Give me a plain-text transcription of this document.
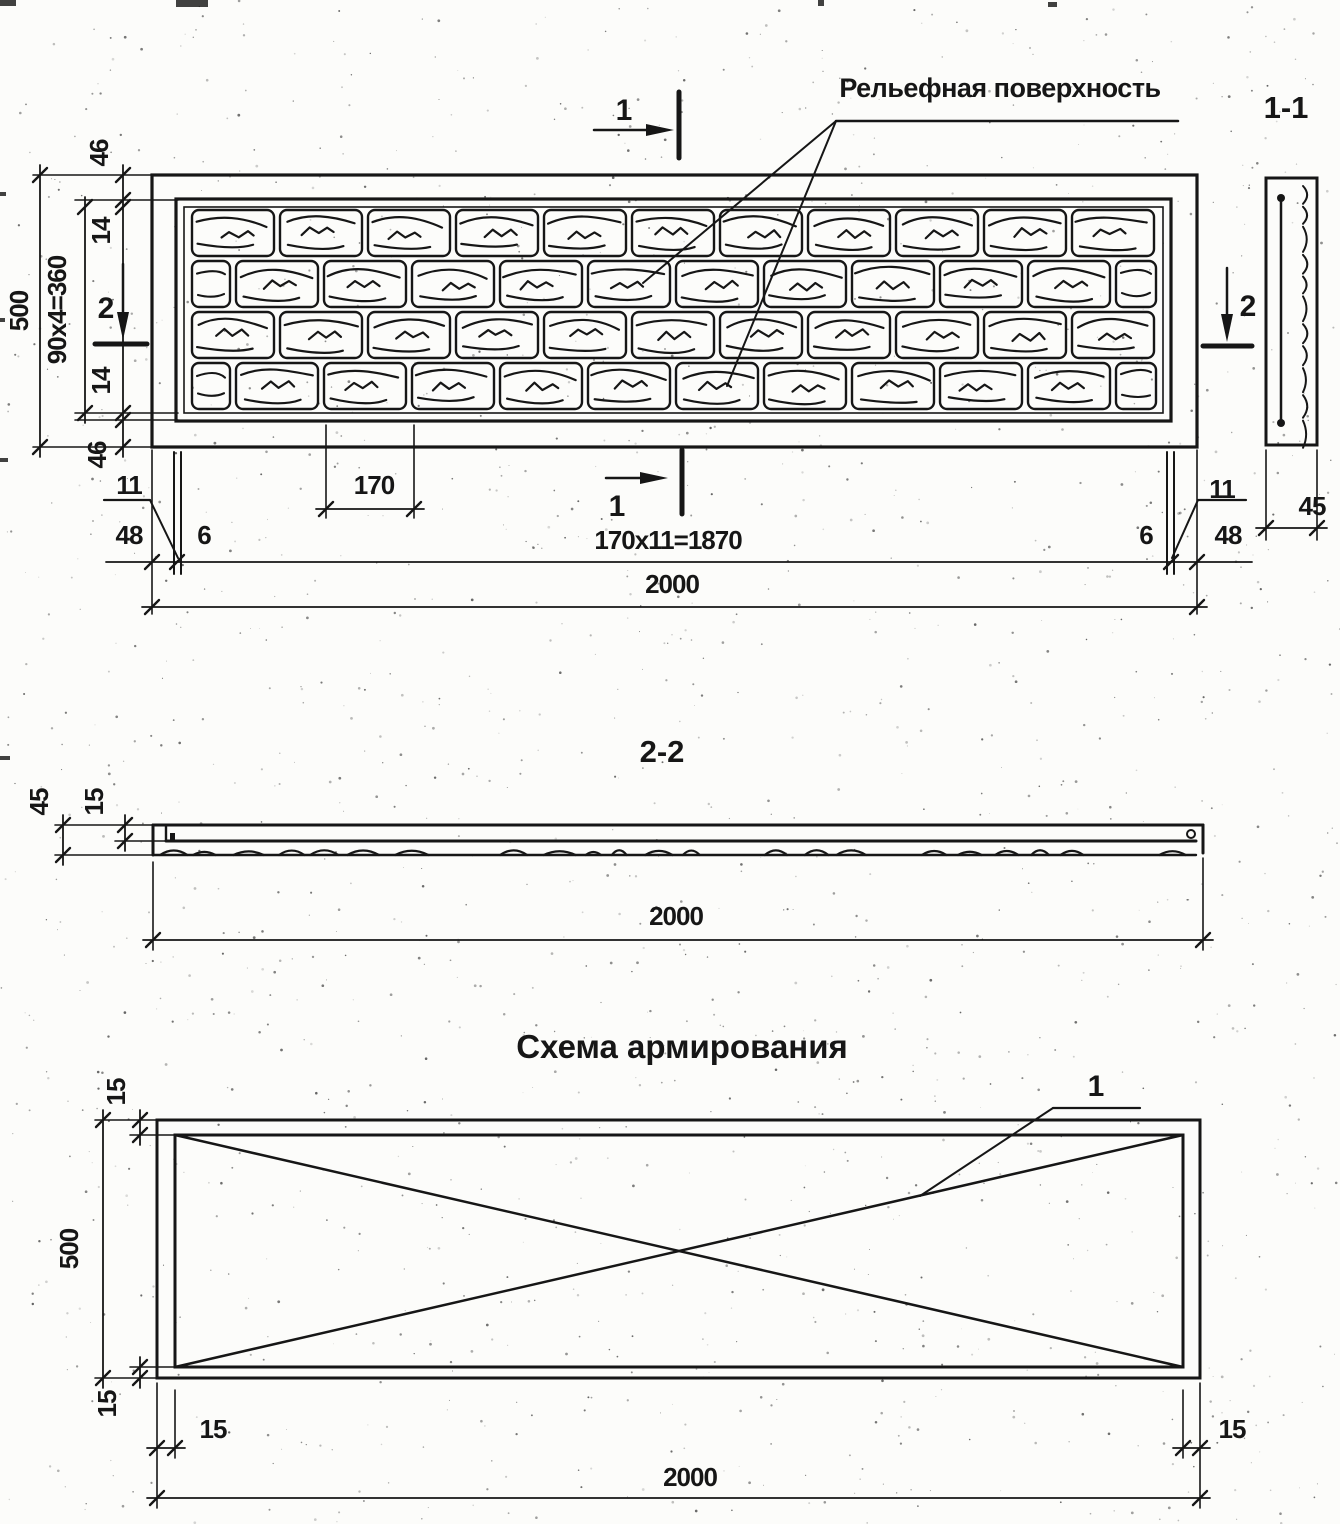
Рельефная поверхность
1-1
1
1
2	2
500 90x4=360
46
14
14
46
170
11
48 6	170x11=1870
2000
6
11
48
45
2-2
45 15
2000
Схема армирования
1
15
500
15
15	15
2000
